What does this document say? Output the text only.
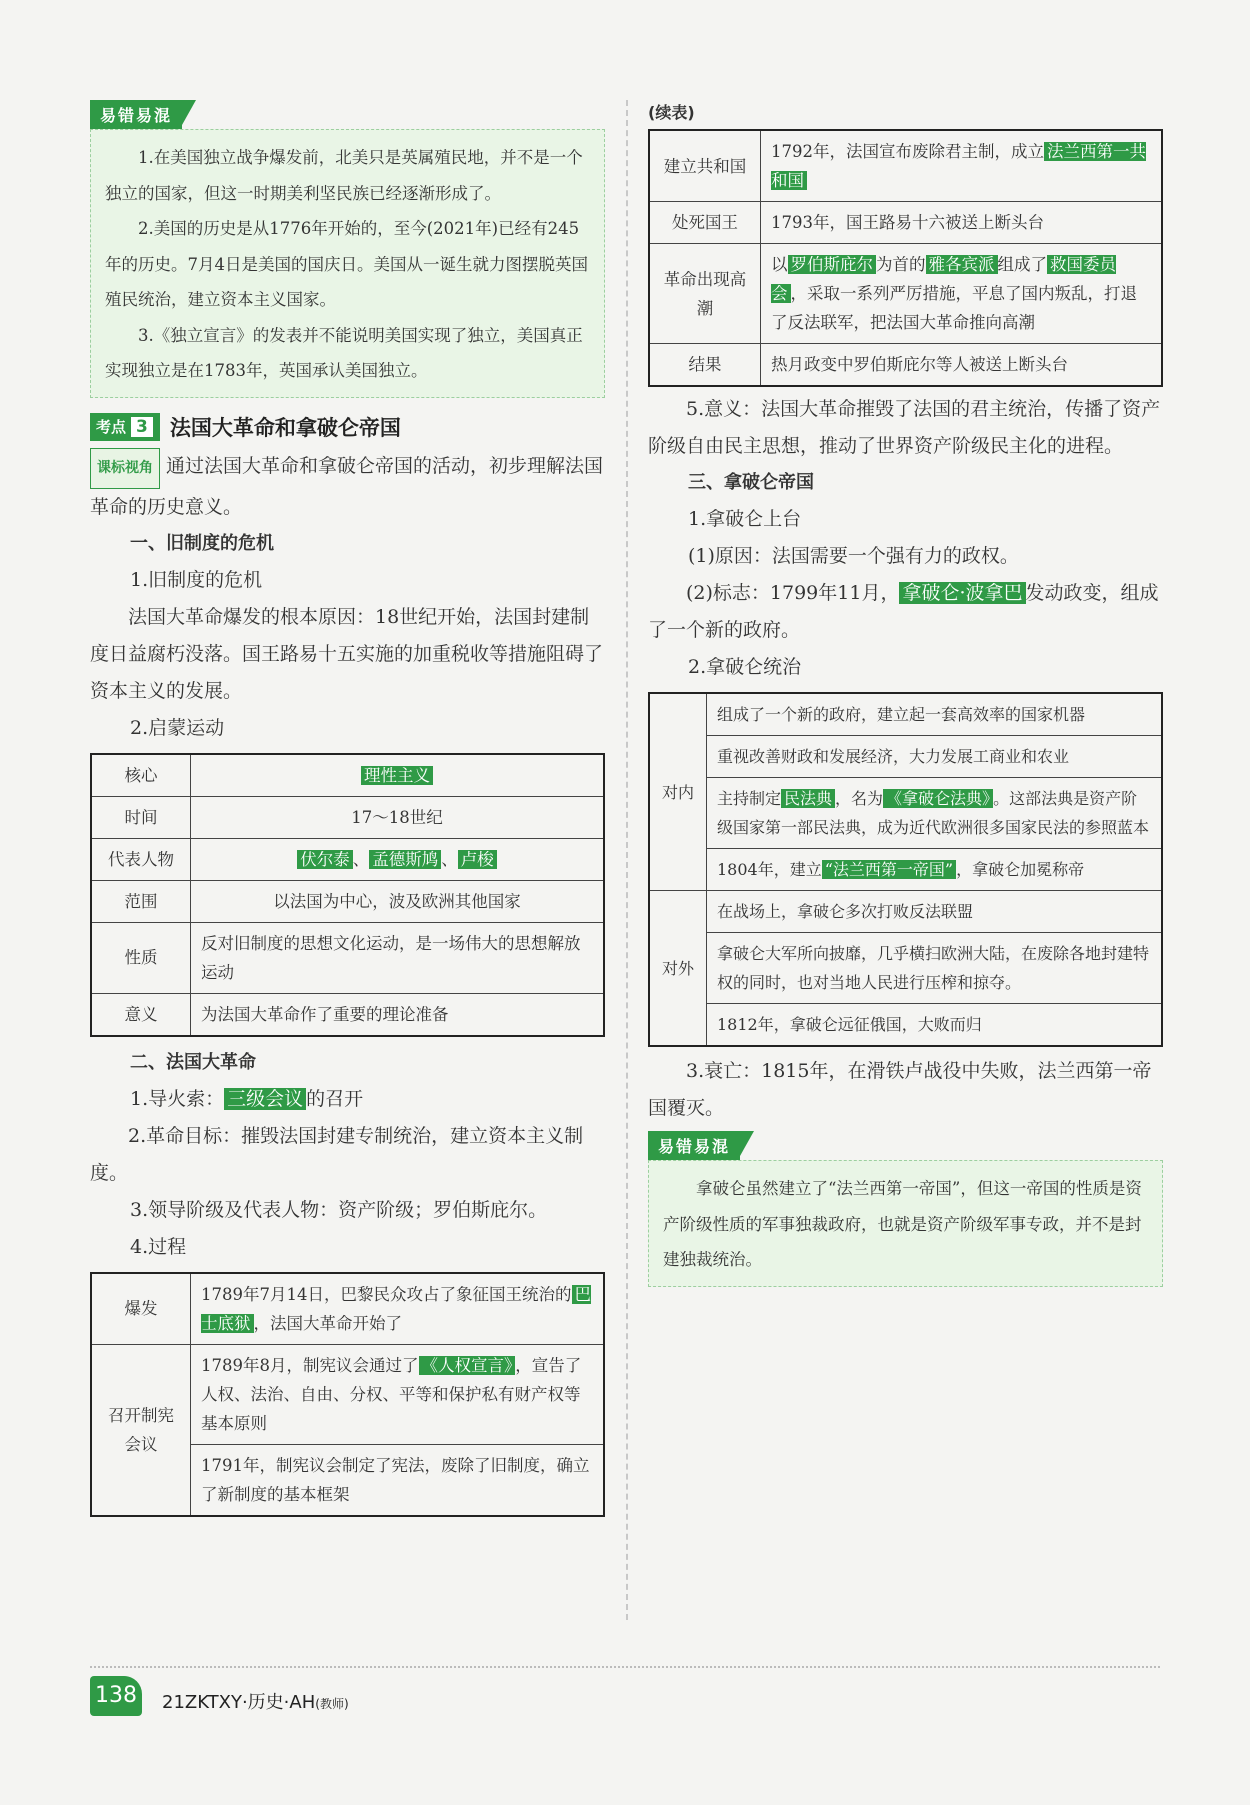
易错易混

1.在美国独立战争爆发前，北美只是英属殖民地，并不是一个独立的国家，但这一时期美利坚民族已经逐渐形成了。

2.美国的历史是从1776年开始的，至今(2021年)已经有245年的历史。7月4日是美国的国庆日。美国从一诞生就力图摆脱英国殖民统治，建立资本主义国家。

3.《独立宣言》的发表并不能说明美国实现了独立，美国真正实现独立是在1783年，英国承认美国独立。

考点 3 法国大革命和拿破仑帝国

课标视角 通过法国大革命和拿破仑帝国的活动，初步理解法国革命的历史意义。

一、旧制度的危机

1.旧制度的危机

法国大革命爆发的根本原因：18世纪开始，法国封建制度日益腐朽没落。国王路易十五实施的加重税收等措施阻碍了资本主义的发展。

2.启蒙运动

核心	理性主义
时间	17～18世纪
代表人物	伏尔泰 、 孟德斯鸠 、 卢梭
范围	以法国为中心，波及欧洲其他国家
性质	反对旧制度的思想文化运动，是一场伟大的思想解放运动
意义	为法国大革命作了重要的理论准备

二、法国大革命

1.导火索： 三级会议 的召开

2.革命目标：摧毁法国封建专制统治，建立资本主义制度。

3.领导阶级及代表人物：资产阶级；罗伯斯庇尔。

4.过程

爆发	1789年7月14日，巴黎民众攻占了象征国王统治的 巴士底狱 ，法国大革命开始了
召开制宪会议	1789年8月，制宪议会通过了 《人权宣言》 ，宣告了人权、法治、自由、分权、平等和保护私有财产权等基本原则
	1791年，制宪议会制定了宪法，废除了旧制度，确立了新制度的基本框架

(续表)

建立共和国	1792年，法国宣布废除君主制，成立 法兰西第一共和国
处死国王	1793年，国王路易十六被送上断头台
革命出现高潮	以 罗伯斯庇尔 为首的 雅各宾派 组成了 救国委员会 ，采取一系列严厉措施，平息了国内叛乱，打退了反法联军，把法国大革命推向高潮
结果	热月政变中罗伯斯庇尔等人被送上断头台

5.意义：法国大革命摧毁了法国的君主统治，传播了资产阶级自由民主思想，推动了世界资产阶级民主化的进程。

三、拿破仑帝国

1.拿破仑上台

(1)原因：法国需要一个强有力的政权。

(2)标志：1799年11月， 拿破仑·波拿巴 发动政变，组成了一个新的政府。

2.拿破仑统治

对内	组成了一个新的政府，建立起一套高效率的国家机器
	重视改善财政和发展经济，大力发展工商业和农业
	主持制定 民法典 ，名为 《拿破仑法典》 。这部法典是资产阶级国家第一部民法典，成为近代欧洲很多国家民法的参照蓝本
	1804年，建立 “法兰西第一帝国” ，拿破仑加冕称帝
对外	在战场上，拿破仑多次打败反法联盟
	拿破仑大军所向披靡，几乎横扫欧洲大陆，在废除各地封建特权的同时，也对当地人民进行压榨和掠夺。
	1812年，拿破仑远征俄国，大败而归

3.衰亡：1815年，在滑铁卢战役中失败，法兰西第一帝国覆灭。

易错易混

拿破仑虽然建立了“法兰西第一帝国”，但这一帝国的性质是资产阶级性质的军事独裁政府，也就是资产阶级军事专政，并不是封建独裁统治。

138 21ZKTXY·历史·AH(教师)
